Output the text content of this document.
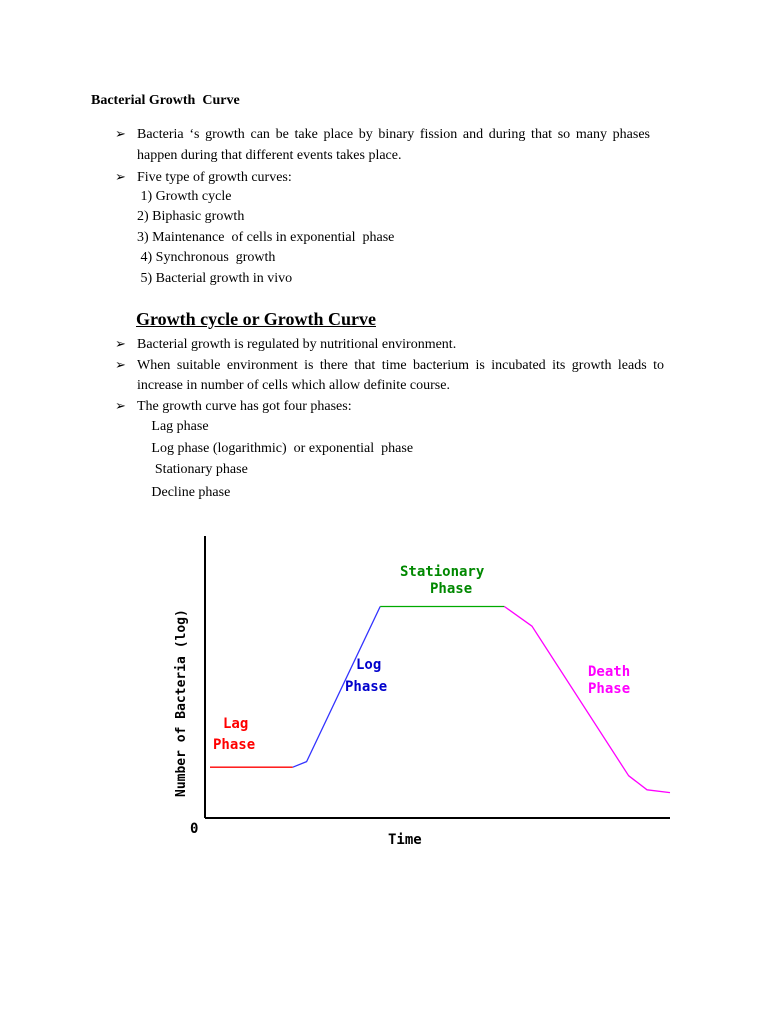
Bacterial Growth  Curve
➢ Bacteria ‘s growth can be take place by binary fission and during that so many phases
happen during that different events takes place.
➢ Five type of growth curves:
1) Growth cycle
2) Biphasic growth
3) Maintenance  of cells in exponential  phase
4) Synchronous  growth
5) Bacterial growth in vivo
Growth cycle or Growth Curve
➢ Bacterial growth is regulated by nutritional environment.
➢ When suitable environment is there that time bacterium is incubated its growth leads to
increase in number of cells which allow definite course.
➢ The growth curve has got four phases:
Lag phase
Log phase (logarithmic)  or exponential  phase
Stationary phase
Decline phase
0
Time
Number of Bacteria (log) Lag
Phase
Log
Phase
Stationary
Phase
Death
Phase
